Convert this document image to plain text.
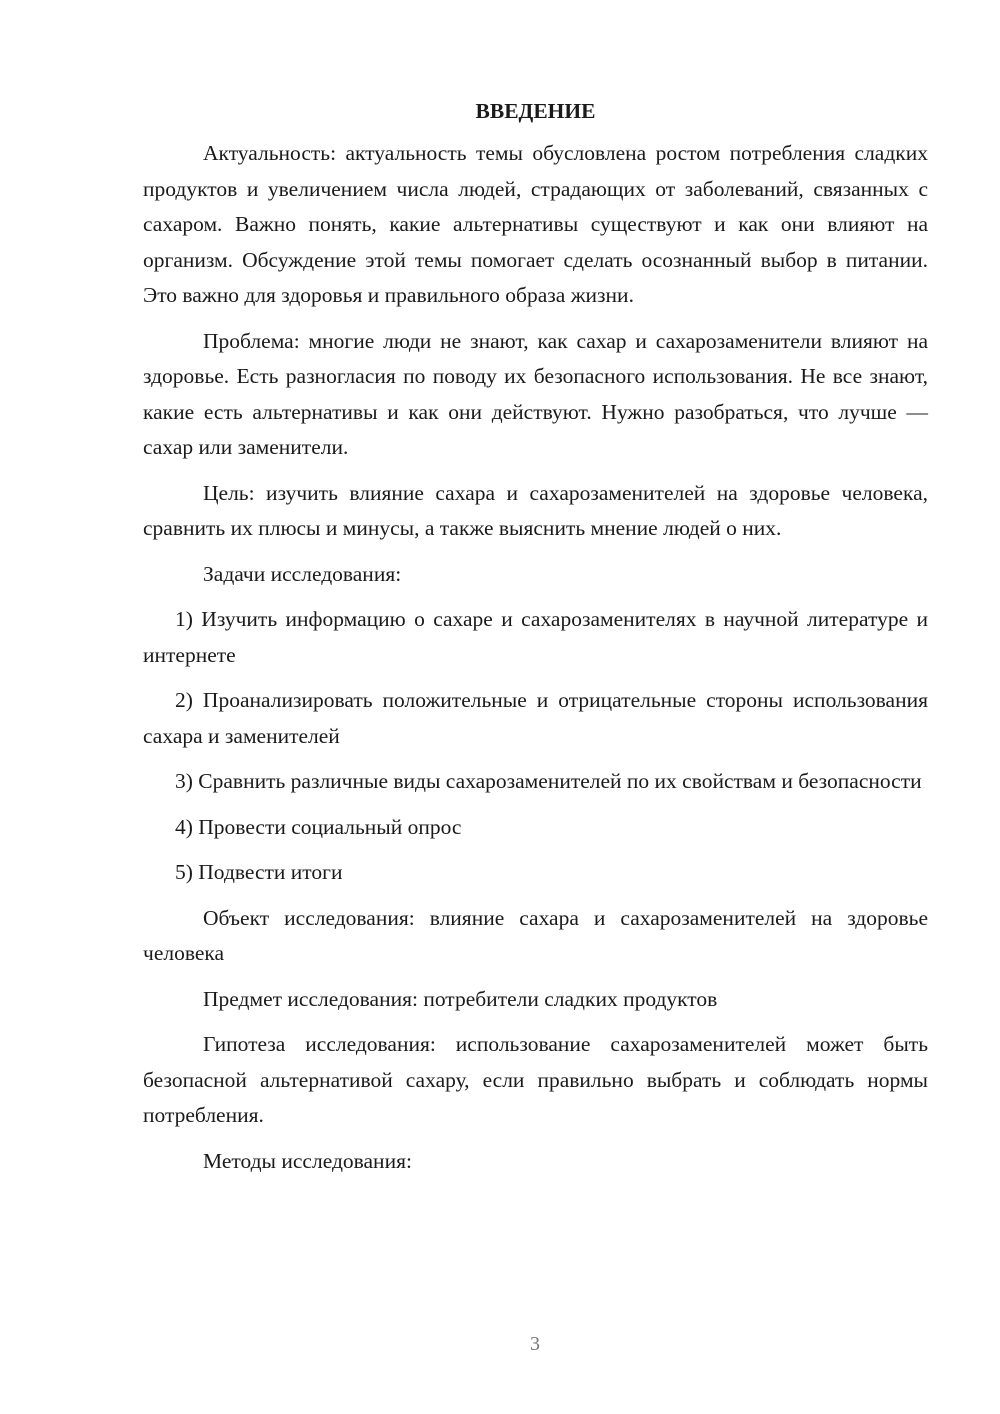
ВВЕДЕНИЕ

Актуальность: актуальность темы обусловлена ростом потребления сладких продуктов и увеличением числа людей, страдающих от заболеваний, связанных с сахаром. Важно понять, какие альтернативы существуют и как они влияют на организм. Обсуждение этой темы помогает сделать осознанный выбор в питании. Это важно для здоровья и правильного образа жизни.

Проблема: многие люди не знают, как сахар и сахарозаменители влияют на здоровье. Есть разногласия по поводу их безопасного использования. Не все знают, какие есть альтернативы и как они действуют. Нужно разобраться, что лучше — сахар или заменители.

Цель: изучить влияние сахара и сахарозаменителей на здоровье человека, сравнить их плюсы и минусы, а также выяснить мнение людей о них.

Задачи исследования:

1) Изучить информацию о сахаре и сахарозаменителях в научной литературе и интернете

2) Проанализировать положительные и отрицательные стороны использования сахара и заменителей

3) Сравнить различные виды сахарозаменителей по их свойствам и безопасности

4) Провести социальный опрос

5) Подвести итоги

Объект исследования: влияние сахара и сахарозаменителей на здоровье человека

Предмет исследования: потребители сладких продуктов

Гипотеза исследования: использование сахарозаменителей может быть безопасной альтернативой сахару, если правильно выбрать и соблюдать нормы потребления.

Методы исследования:

3
